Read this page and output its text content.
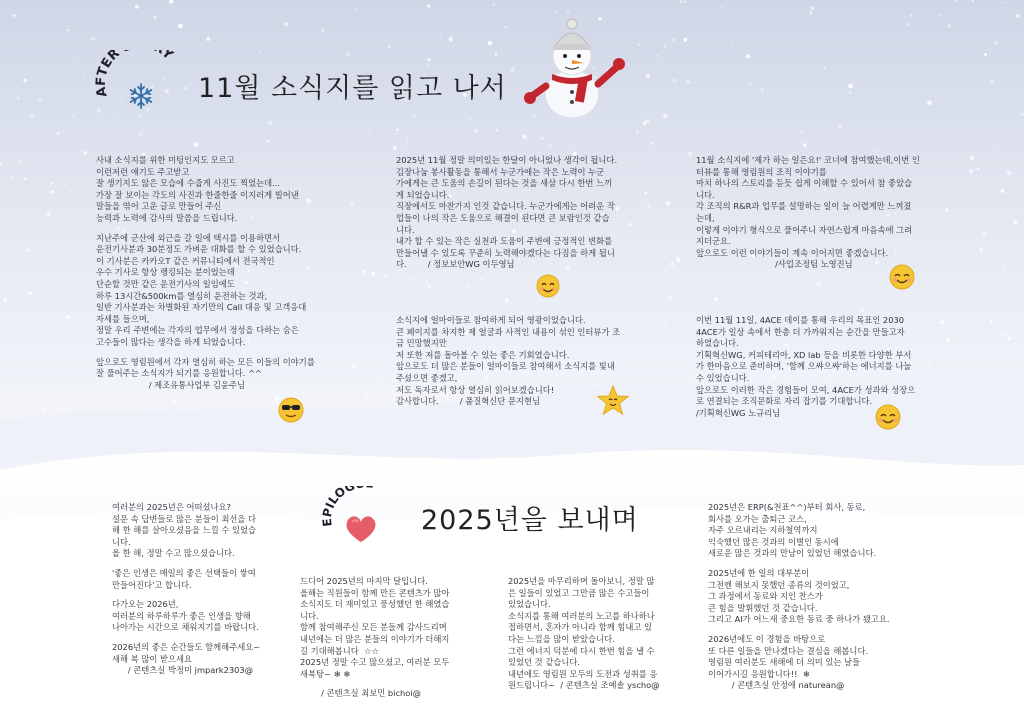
AFTER Y
11월 소식지를 읽고 나서

사내 소식지를 위한 미팅인지도 모르고

이런저런 얘기도 주고받고

잘 생기지도 않은 모습에 수줍게 사진도 찍었는데...

가장 잘 보이는 각도의 사진과 한줄한줄 이지러게 빌어낸

말들을 엮어 고운 글로 만들어 주신

능력과 노력에 감사의 말씀을 드립니다.

지난주에 군산에 외근을 갈 일에 택시를 이용하면서

운전기사분과 30분정도 가벼운 대화를 할 수 있었습니다.

이 기사분은 카카오T 같은 커뮤니티에서 전국적인

우수 기사로 항상 랭킹되는 분이었는데

단순할 것만 같은 운전기사의 일임에도

하루 13시간&500km를 열심히 운전하는 것과,

일반 기사분과는 차별화된 자기만의 Call 대응 및 고객응대

자세를 들으며,

정말 우리 주변에는 각자의 업무에서 정성을 다하는 숨은

고수들이 많다는 생각을 하게 되었습니다.

앞으로도 영림원에서 각자 열심히 하는 모든 이들의 이야기를

잘 풀어주는 소식지가 되기를 응원합니다. ^^

/ 제조유통사업부 김윤주님

2025년 11월 정말 의미있는 한달이 아니었나 생각이 됩니다.

김장나눔 봉사활동을 통해서 누군가에는 작은 노력이 누군

가에게는 큰 도움의 손길이 된다는 것을 새삼 다시 한번 느끼

게 되었습니다.

직장에서도 마찬가지 인것 같습니다. 누군가에게는 어려운 작

업들이 나의 작은 도움으로 해결이 된다면 큰 보람인것 같습

니다.

내가 할 수 있는 작은 실천과 도움이 주변에 긍정적인 변화를

만들어낼 수 있도록 꾸준히 노력해야겠다는 다짐을 하게 됩니

다.        / 정보보안WG 이두영님

소식지에 얼마이들로 참여하게 되어 영광이었습니다.

큰 페이지를 차지한 제 얼굴과 사적인 내용이 섞인 인터뷰가 조

금 민망했지만

저 또한 저를 돌아볼 수 있는 좋은 기회였습니다.

앞으로도 더 많은 분들이 얼마이들로 참여해서 소식지를 빛내

주셨으면 좋겠고,

저도 독자로서 항상 열심히 읽어보겠습니다!

감사합니다.        / 품질혁신단 문지현님

11월 소식지에 '제가 하는 일은요!' 코너에 참여했는데,이번 인

터뷰를 통해 영림원의 조직 이야기를

마치 하나의 스토리를 듣듯 쉽게 이해할 수 있어서 참 좋았습

니다.

각 조직의 R&R과 업무를 설명하는 일이 늘 어렵게만 느껴졌

는데,

이렇게 이야기 형식으로 풀어주니 자연스럽게 마음속에 그려

지더군요.

앞으로도 이런 이야기들이 계속 이어지면 좋겠습니다.

/사업조정팀 노영진님

이번 11월 11일, 4ACE 데이를 통해 우리의 목표인 2030

4ACE가 일상 속에서 한층 더 가까워지는 순간을 만들고자

하였습니다.

기획혁신WG, 커피테리아, XD lab 등을 비롯한 다양한 부서

가 한마음으로 준비하며, '함께 으쌰으쌰'하는 에너지를 나눌

수 있었습니다.

앞으로도 이러한 작은 경험들이 모여, 4ACE가 성과와 성장으

로 연결되는 조직문화로 자리 잡기를 기대합니다.

/기획혁신WG 노규리님

ILOG
2025년을 보내며

여러분의 2025년은 어떠셨나요?

설문 속 답변들로 많은 분들이 최선을 다

해 한 해를 살아오셨음을 느낄 수 있었습

니다.

올 한 해, 정말 수고 많으셨습니다.

'좋은 인생은 매일의 좋은 선택들이 쌓여

만들어진다'고 합니다.

다가오는 2026년,

여러분의 하루하루가 좋은 인생을 향해

나아가는 시간으로 채워지기를 바랍니다.

2026년의 좋은 순간들도 함께해주세요~

새해 복 많이 받으세요

/ 콘텐츠실 박정미 jmpark2303@

드디어 2025년의 마지막 달입니다.

올해는 직원들이 함께 만든 콘텐츠가 많아

소식지도 더 재미있고 풍성했던 한 해였습

니다.

함께 참여해주신 모든 분들께 감사드리며

내년에는 더 많은 분들의 이야기가 더해지

길 기대해봅니다  ☆☆

2025년 정말 수고 많으셨고, 여러분 모두

새복탕~ ❄ ❄

/ 콘텐츠실 최보민 bichoi@

2025년을 마무리하며 돌아보니, 정말 많

은 일들이 있었고 그만큼 많은 수고들이

있었습니다.

소식지를 통해 여러분의 노고를 하나하나

접하면서, 혼자가 아니라 함께 힘내고 있

다는 느낌을 많이 받았습니다.

그런 에너지 덕분에 다시 한번 힘을 낼 수

있었던 것 같습니다.

내년에도 영림원 모두의 도전과 성취를 응

원드립니다~  / 콘텐츠실 조예솔 yscho@

2025년은 ERP(&천표^^)부터 회사, 동료,

회사를 오가는 출퇴근 코스,

자주 오르내리는 지하철역까지

익숙했던 많은 것과의 이별인 동시에

새로운 많은 것과의 만남이 있었던 해였습니다.

2025년에 한 일의 대부분이

그전엔 해보지 못했던 종류의 것이었고,

그 과정에서 동료와 지인 찬스가

큰 힘을 발휘했던 것 같습니다.

그리고 AI가 어느새 중요한 동료 중 하나가 됐고요.

2026년에도 이 경험을 바탕으로

또 다른 일들을 만나겠다는 결심을 해봅니다.

영림원 여러분도 새해에 더 의미 있는 날들

이어가시길 응원합니다!!  ❄

/ 콘텐츠실 안정애 naturean@
